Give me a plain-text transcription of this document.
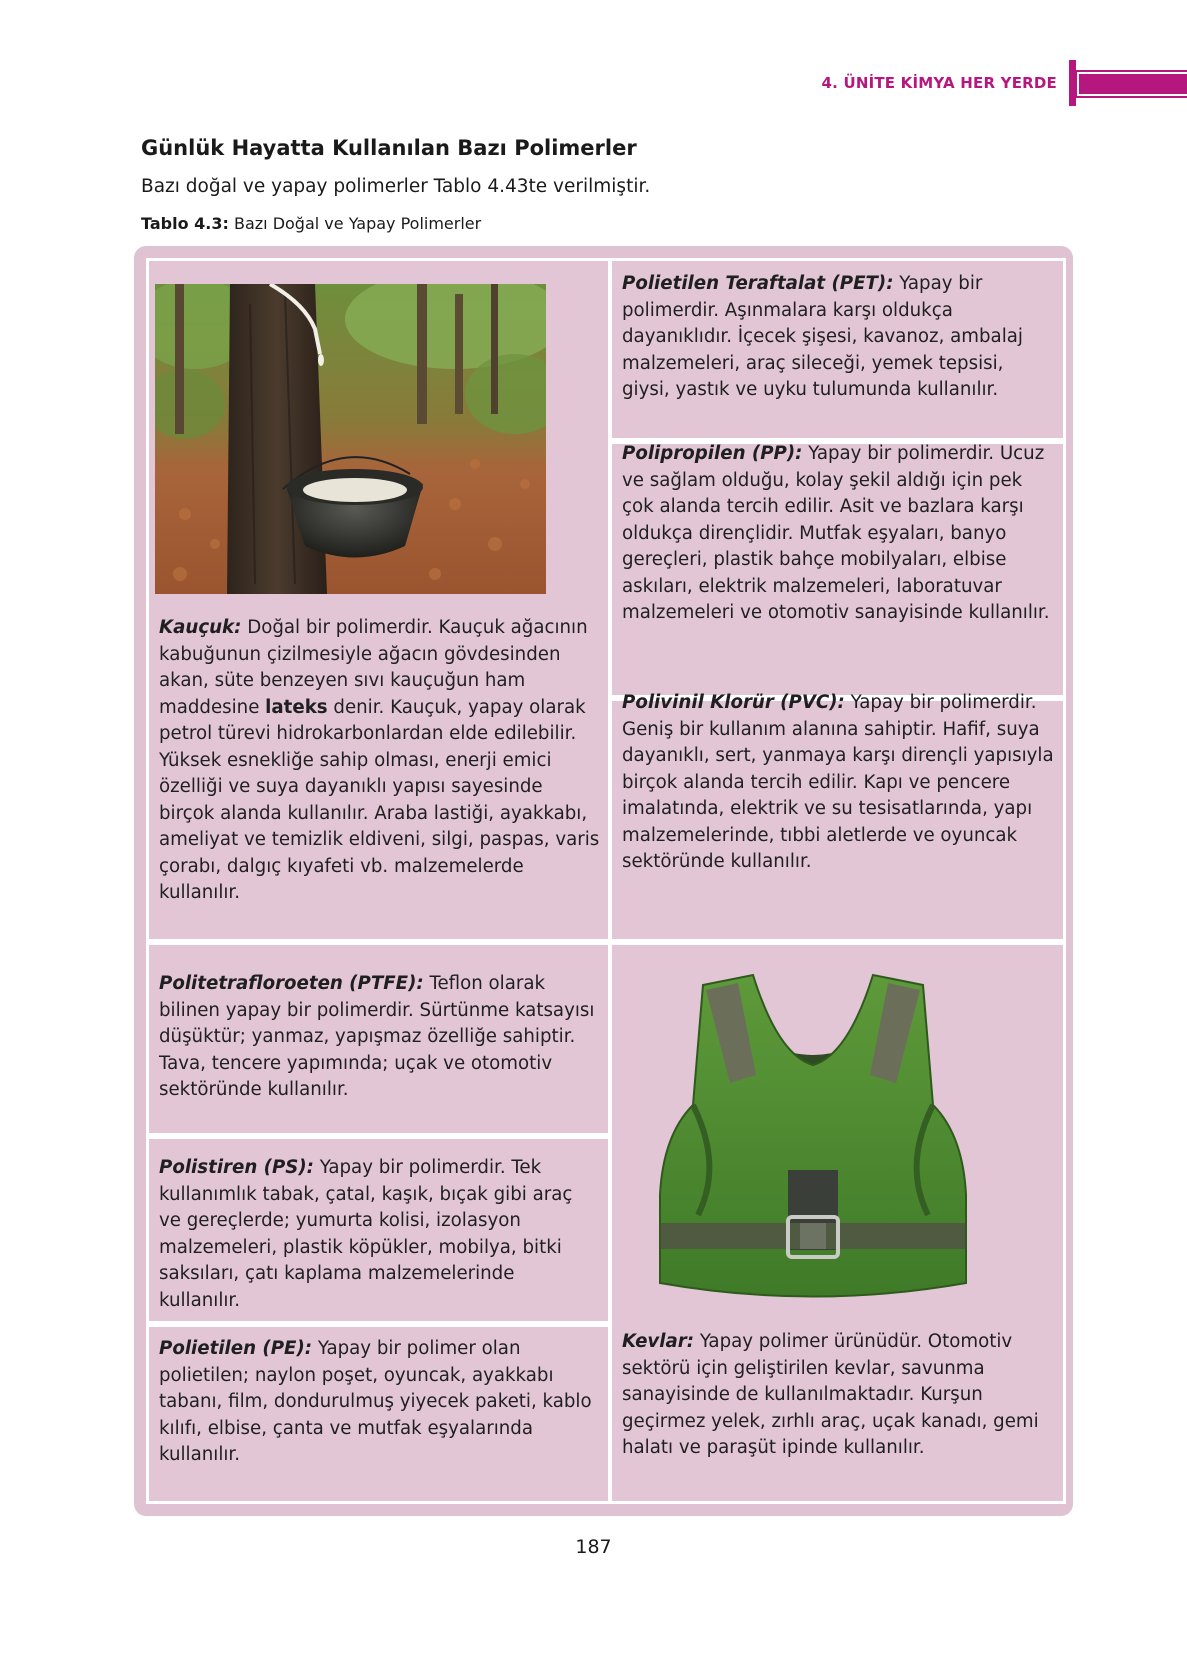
4. ÜNİTE KİMYA HER YERDE
Günlük Hayatta Kullanılan Bazı Polimerler
Bazı doğal ve yapay polimerler Tablo 4.43te verilmiştir.
Tablo 4.3: Bazı Doğal ve Yapay Polimerler
Kauçuk: Doğal bir polimerdir. Kauçuk ağacının kabuğunun çizilmesiyle ağacın gövdesinden akan, süte benzeyen sıvı kauçuğun ham maddesine lateks denir. Kauçuk, yapay olarak petrol türevi hidrokarbonlardan elde edilebilir. Yüksek esnekliğe sahip olması, enerji emici özelliği ve suya dayanıklı yapısı sayesinde birçok alanda kullanılır. Araba lastiği, ayakkabı, ameliyat ve temizlik eldiveni, silgi, paspas, varis çorabı, dalgıç kıyafeti vb. malzemelerde kullanılır.
Polietilen Teraftalat (PET): Yapay bir polimerdir. Aşınmalara karşı oldukça dayanıklıdır. İçecek şişesi, kavanoz, ambalaj malzemeleri, araç sileceği, yemek tepsisi, giysi, yastık ve uyku tulumunda kullanılır.
Polipropilen (PP): Yapay bir polimerdir. Ucuz ve sağlam olduğu, kolay şekil aldığı için pek çok alanda tercih edilir. Asit ve bazlara karşı oldukça dirençlidir. Mutfak eşyaları, banyo gereçleri, plastik bahçe mobilyaları, elbise askıları, elektrik malzemeleri, laboratuvar malzemeleri ve otomotiv sanayisinde kullanılır.
Polivinil Klorür (PVC): Yapay bir polimerdir. Geniş bir kullanım alanına sahiptir. Hafif, suya dayanıklı, sert, yanmaya karşı dirençli yapısıyla birçok alanda tercih edilir. Kapı ve pencere imalatında, elektrik ve su tesisatlarında, yapı malzemelerinde, tıbbi aletlerde ve oyuncak sektöründe kullanılır.
Politetrafloroeten (PTFE): Teflon olarak bilinen yapay bir polimerdir. Sürtünme katsayısı düşüktür; yanmaz, yapışmaz özelliğe sahiptir. Tava, tencere yapımında; uçak ve otomotiv sektöründe kullanılır.
Polistiren (PS): Yapay bir polimerdir. Tek kullanımlık tabak, çatal, kaşık, bıçak gibi araç ve gereçlerde; yumurta kolisi, izolasyon malzemeleri, plastik köpükler, mobilya, bitki saksıları, çatı kaplama malzemelerinde kullanılır.
Polietilen (PE): Yapay bir polimer olan polietilen; naylon poşet, oyuncak, ayakkabı tabanı, film, dondurulmuş yiyecek paketi, kablo kılıfı, elbise, çanta ve mutfak eşyalarında kullanılır.
Kevlar: Yapay polimer ürünüdür. Otomotiv sektörü için geliştirilen kevlar, savunma sanayisinde de kullanılmaktadır. Kurşun geçirmez yelek, zırhlı araç, uçak kanadı, gemi halatı ve paraşüt ipinde kullanılır.
187
